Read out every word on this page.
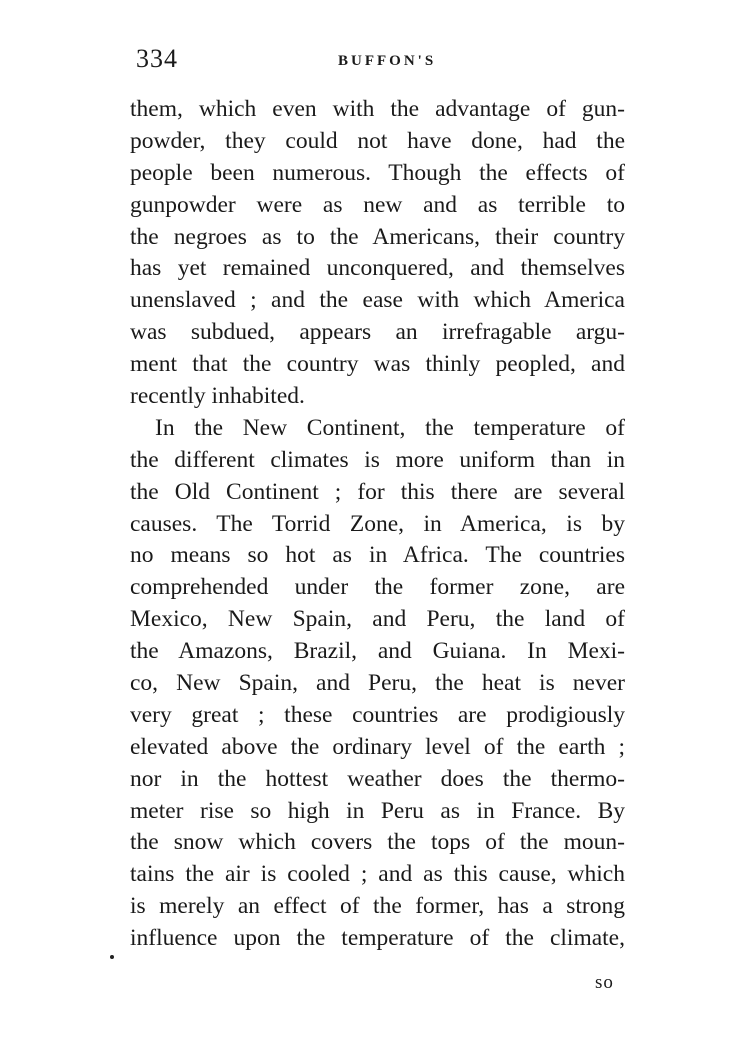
334	BUFFON'S
them, which even with the advantage of gun-
powder, they could not have done, had the
people been numerous. Though the effects of
gunpowder were as new and as terrible to
the negroes as to the Americans, their country
has yet remained unconquered, and themselves
unenslaved ; and the ease with which America
was subdued, appears an irrefragable argu-
ment that the country was thinly peopled, and
recently inhabited.
In the New Continent, the temperature of
the different climates is more uniform than in
the Old Continent ; for this there are several
causes. The Torrid Zone, in America, is by
no means so hot as in Africa. The countries
comprehended under the former zone, are
Mexico, New Spain, and Peru, the land of
the Amazons, Brazil, and Guiana. In Mexi-
co, New Spain, and Peru, the heat is never
very great ; these countries are prodigiously
elevated above the ordinary level of the earth ;
nor in the hottest weather does the thermo-
meter rise so high in Peru as in France. By
the snow which covers the tops of the moun-
tains the air is cooled ; and as this cause, which
is merely an effect of the former, has a strong
influence upon the temperature of the climate,
so
